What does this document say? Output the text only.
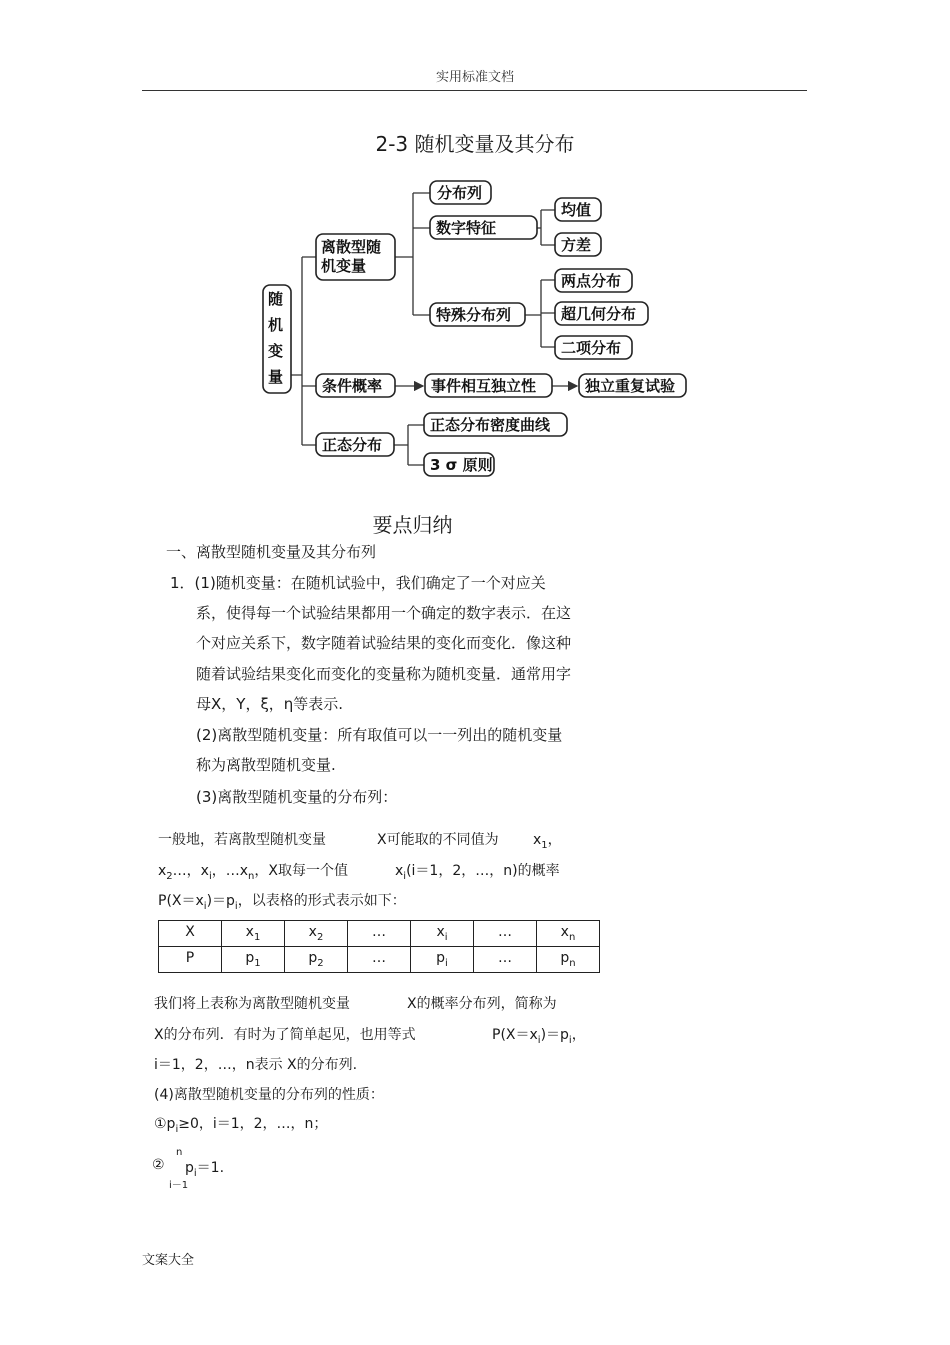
实用标准文档
2-3 随机变量及其分布
随
机
变
量
离散型随
机变量
分布列
数字特征
均值
方差
特殊分布列
两点分布
超几何分布
二项分布
条件概率	事件相互独立性	独立重复试验
正态分布
正态分布密度曲线
3 σ 原则
要点归纳
一、离散型随机变量及其分布列
1．(1)随机变量：在随机试验中，我们确定了一个对应关
系，使得每一个试验结果都用一个确定的数字表示．在这
个对应关系下，数字随着试验结果的变化而变化．像这种
随着试验结果变化而变化的变量称为随机变量．通常用字
母X，Y，ξ，η等表示.
(2)离散型随机变量：所有取值可以一一列出的随机变量
称为离散型随机变量.
(3)离散型随机变量的分布列：
一般地，若离散型随机变量	X可能取的不同值为 $x_1$，
$x_2\dots$，$x_i$，$\dots x_n$，X取每一个值	$x_i(i=1$，2，…，n)的概率
$P(X=x_i)=p_i$，以表格的形式表示如下：
X	$x_1$	$x_2$	…	$x_i$	…	$x_n$
P	$p_1$	$p_2$	…	$p_i$	…	$p_n$
我们将上表称为离散型随机变量	X的概率分布列，简称为
X的分布列．有时为了简单起见，也用等式	$P(X=x_i)=p_i$，
i＝1，2，…，n表示 X的分布列.
(4)离散型随机变量的分布列的性质：
$①p_i\ge 0$，i＝1，2，…，n；
②
n
i－1
$p_i=1$.
文案大全
